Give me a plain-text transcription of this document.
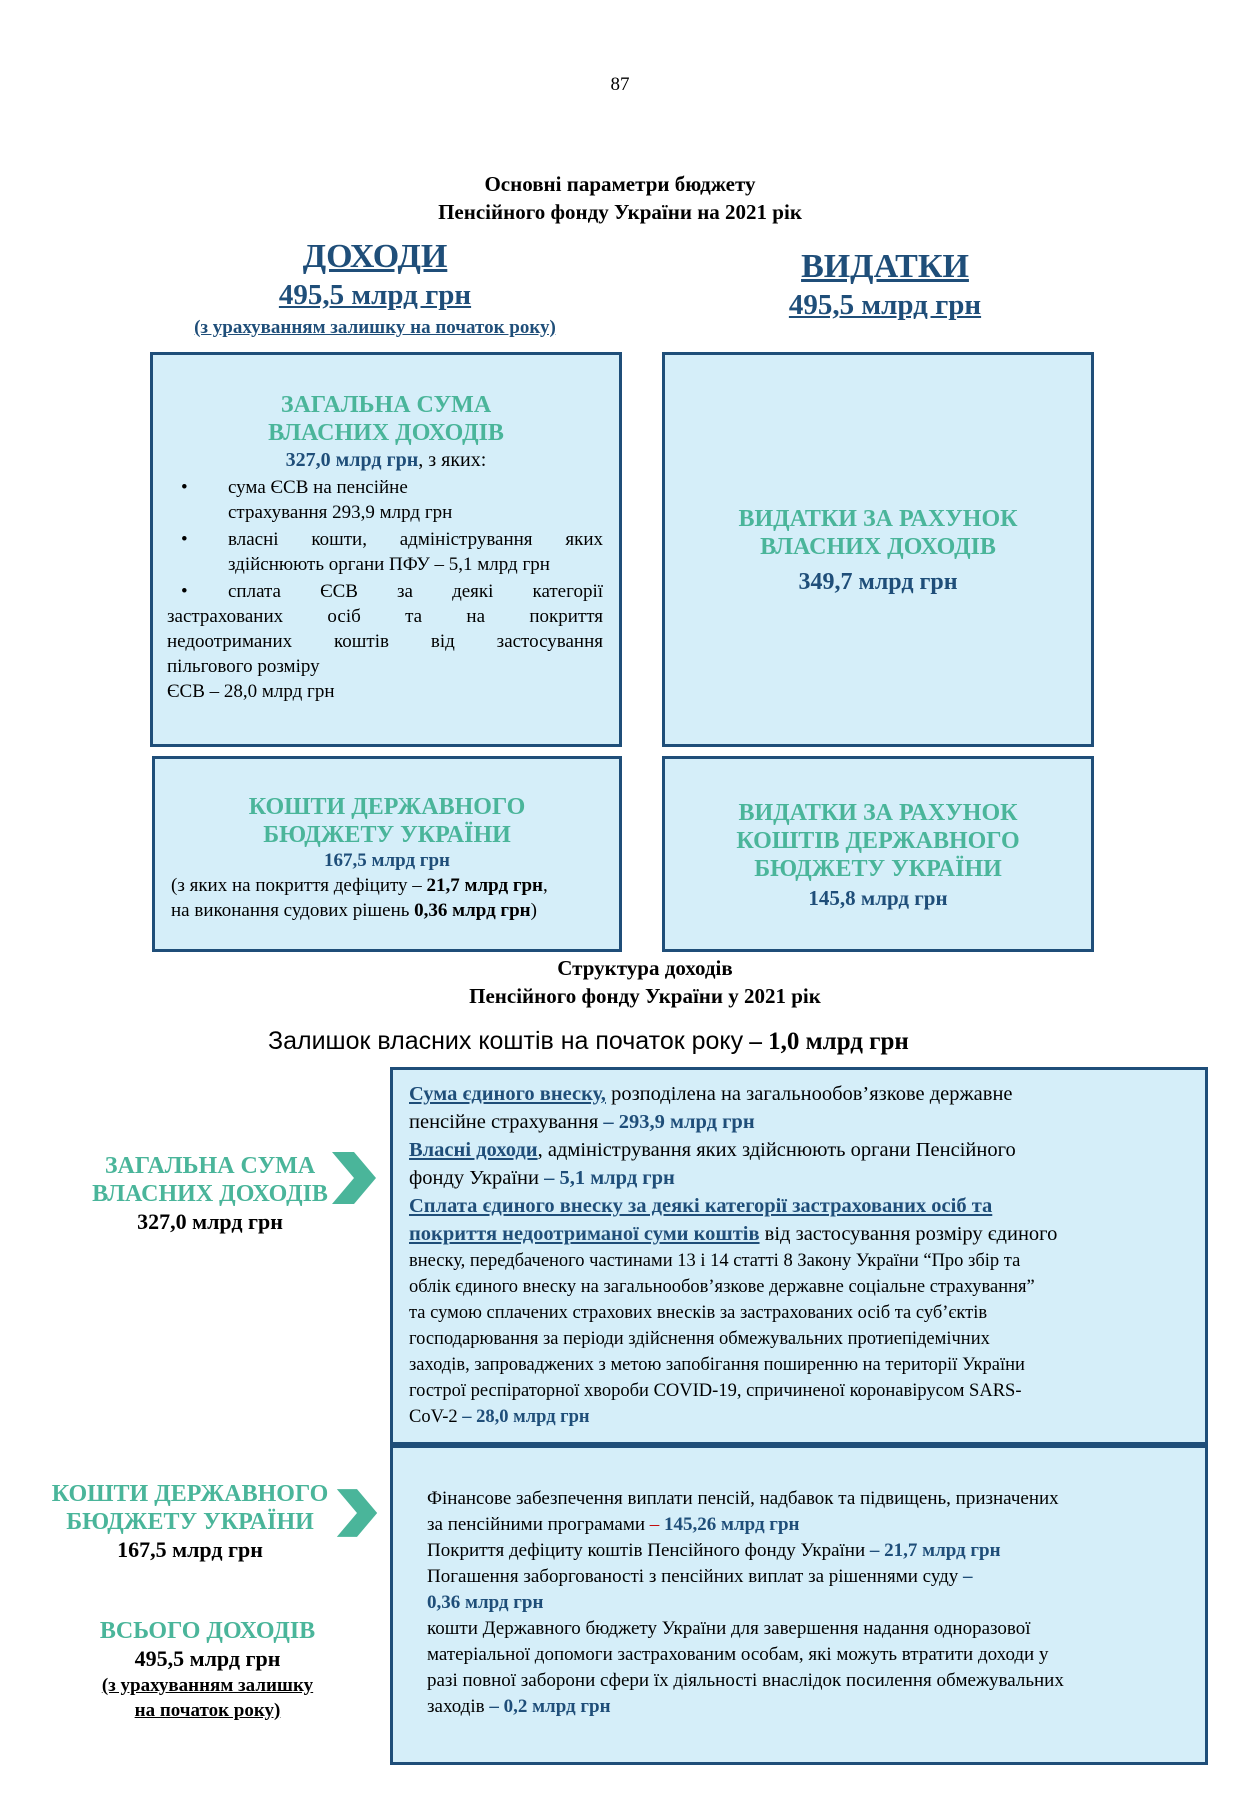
87
Основні параметри бюджету
Пенсійного фонду України на 2021 рік
ДОХОДИ
495,5 млрд грн
(з урахуванням залишку на початок року)
ВИДАТКИ
495,5 млрд грн
ЗАГАЛЬНА СУМА
ВЛАСНИХ ДОХОДІВ
327,0 млрд грн, з яких:
• сума ЄСВ на пенсійне
страхування 293,9 млрд грн
• власні кошти, адміністрування яких
здійснюють органи ПФУ – 5,1 млрд грн
• сплата ЄСВ за деякі категорії
застрахованих осіб та на покриття
недоотриманих коштів від застосування
пільгового розміру
ЄСВ – 28,0 млрд грн
ВИДАТКИ ЗА РАХУНОК
ВЛАСНИХ ДОХОДІВ
349,7 млрд грн
КОШТИ ДЕРЖАВНОГО
БЮДЖЕТУ УКРАЇНИ
167,5 млрд грн
(з яких на покриття дефіциту – 21,7 млрд грн,
на виконання судових рішень 0,36 млрд грн)
ВИДАТКИ ЗА РАХУНОК
КОШТІВ ДЕРЖАВНОГО
БЮДЖЕТУ УКРАЇНИ
145,8 млрд грн
Структура доходів
Пенсійного фонду України у 2021 рік
Залишок власних коштів на початок року – 1,0 млрд грн
ЗАГАЛЬНА СУМА
ВЛАСНИХ ДОХОДІВ
327,0 млрд грн
КОШТИ ДЕРЖАВНОГО
БЮДЖЕТУ УКРАЇНИ
167,5 млрд грн
ВСЬОГО ДОХОДІВ
495,5 млрд грн
(з урахуванням залишку
на початок року)
Сума єдиного внеску, розподілена на загальнообов’язкове державне
пенсійне страхування – 293,9 млрд грн
Власні доходи, адміністрування яких здійснюють органи Пенсійного
фонду України – 5,1 млрд грн
Сплата єдиного внеску за деякі категорії застрахованих осіб та
покриття недоотриманої суми коштів від застосування розміру єдиного
внеску, передбаченого частинами 13 і 14 статті 8 Закону України “Про збір та
облік єдиного внеску на загальнообов’язкове державне соціальне страхування”
та сумою сплачених страхових внесків за застрахованих осіб та суб’єктів
господарювання за періоди здійснення обмежувальних протиепідемічних
заходів, запроваджених з метою запобігання поширенню на території України
гострої респіраторної хвороби COVID-19, спричиненої коронавірусом SARS-
CoV-2 – 28,0 млрд грн
Фінансове забезпечення виплати пенсій, надбавок та підвищень, призначених
за пенсійними програмами – 145,26 млрд грн
Покриття дефіциту коштів Пенсійного фонду України – 21,7 млрд грн
Погашення заборгованості з пенсійних виплат за рішеннями суду –
0,36 млрд грн
кошти Державного бюджету України для завершення надання одноразової
матеріальної допомоги застрахованим особам, які можуть втратити доходи у
разі повної заборони сфери їх діяльності внаслідок посилення обмежувальних
заходів – 0,2 млрд грн
